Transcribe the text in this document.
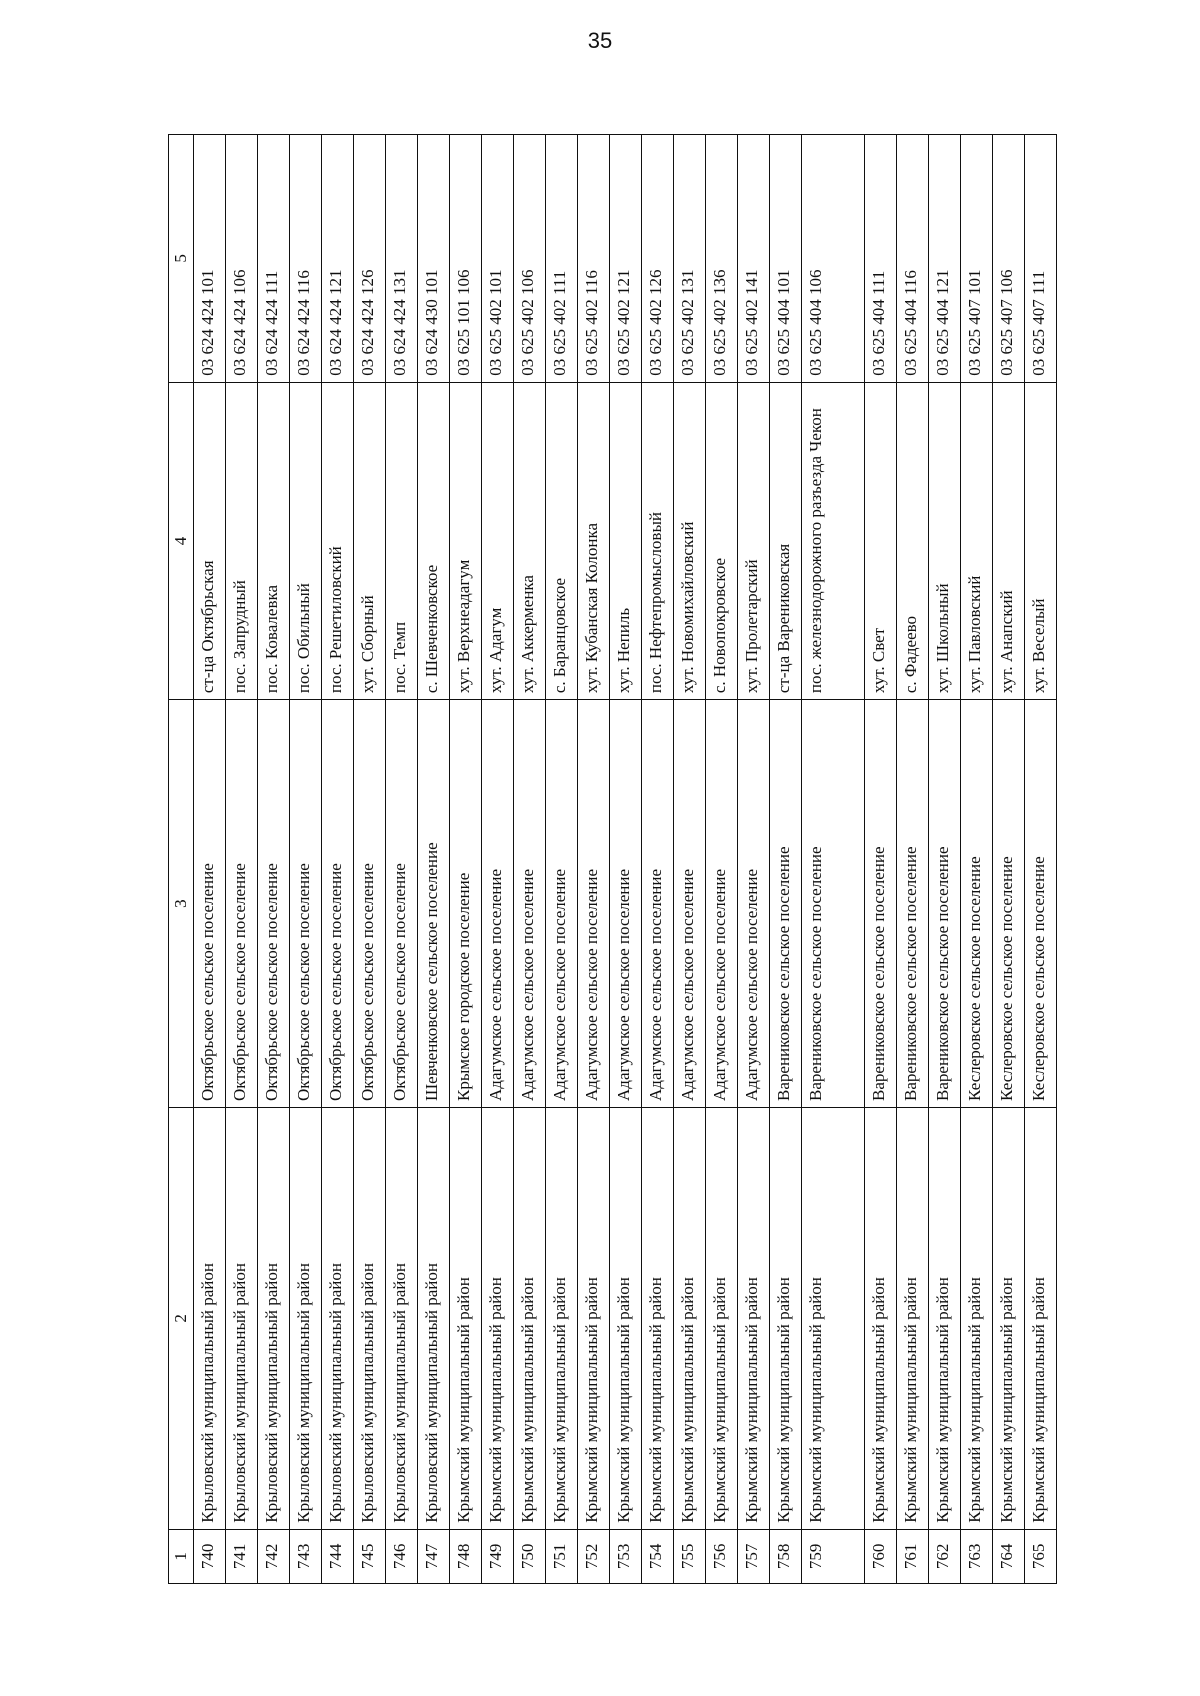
35
1	2	3	4	5
740	Крыловский муниципальный район	Октябрьское сельское поселение	ст-ца Октябрьская	03 624 424 101
741	Крыловский муниципальный район	Октябрьское сельское поселение	пос. Запрудный	03 624 424 106
742	Крыловский муниципальный район	Октябрьское сельское поселение	пос. Ковалевка	03 624 424 111
743	Крыловский муниципальный район	Октябрьское сельское поселение	пос. Обильный	03 624 424 116
744	Крыловский муниципальный район	Октябрьское сельское поселение	пос. Решетиловский	03 624 424 121
745	Крыловский муниципальный район	Октябрьское сельское поселение	хут. Сборный	03 624 424 126
746	Крыловский муниципальный район	Октябрьское сельское поселение	пос. Темп	03 624 424 131
747	Крыловский муниципальный район	Шевченковское сельское поселение	с. Шевченковское	03 624 430 101
748	Крымский муниципальный район	Крымское городское поселение	хут. Верхнеадагум	03 625 101 106
749	Крымский муниципальный район	Адагумское сельское поселение	хут. Адагум	03 625 402 101
750	Крымский муниципальный район	Адагумское сельское поселение	хут. Аккерменка	03 625 402 106
751	Крымский муниципальный район	Адагумское сельское поселение	с. Баранцовское	03 625 402 111
752	Крымский муниципальный район	Адагумское сельское поселение	хут. Кубанская Колонка	03 625 402 116
753	Крымский муниципальный район	Адагумское сельское поселение	хут. Непиль	03 625 402 121
754	Крымский муниципальный район	Адагумское сельское поселение	пос. Нефтепромысловый	03 625 402 126
755	Крымский муниципальный район	Адагумское сельское поселение	хут. Новомихайловский	03 625 402 131
756	Крымский муниципальный район	Адагумское сельское поселение	с. Новопокровское	03 625 402 136
757	Крымский муниципальный район	Адагумское сельское поселение	хут. Пролетарский	03 625 402 141
758	Крымский муниципальный район	Варениковское сельское поселение	ст-ца Варениковская	03 625 404 101
759	Крымский муниципальный район	Варениковское сельское поселение	пос. железнодорожного разъезда Чекон	03 625 404 106
760	Крымский муниципальный район	Варениковское сельское поселение	хут. Свет	03 625 404 111
761	Крымский муниципальный район	Варениковское сельское поселение	с. Фадеево	03 625 404 116
762	Крымский муниципальный район	Варениковское сельское поселение	хут. Школьный	03 625 404 121
763	Крымский муниципальный район	Кеслеровское сельское поселение	хут. Павловский	03 625 407 101
764	Крымский муниципальный район	Кеслеровское сельское поселение	хут. Анапский	03 625 407 106
765	Крымский муниципальный район	Кеслеровское сельское поселение	хут. Веселый	03 625 407 111
